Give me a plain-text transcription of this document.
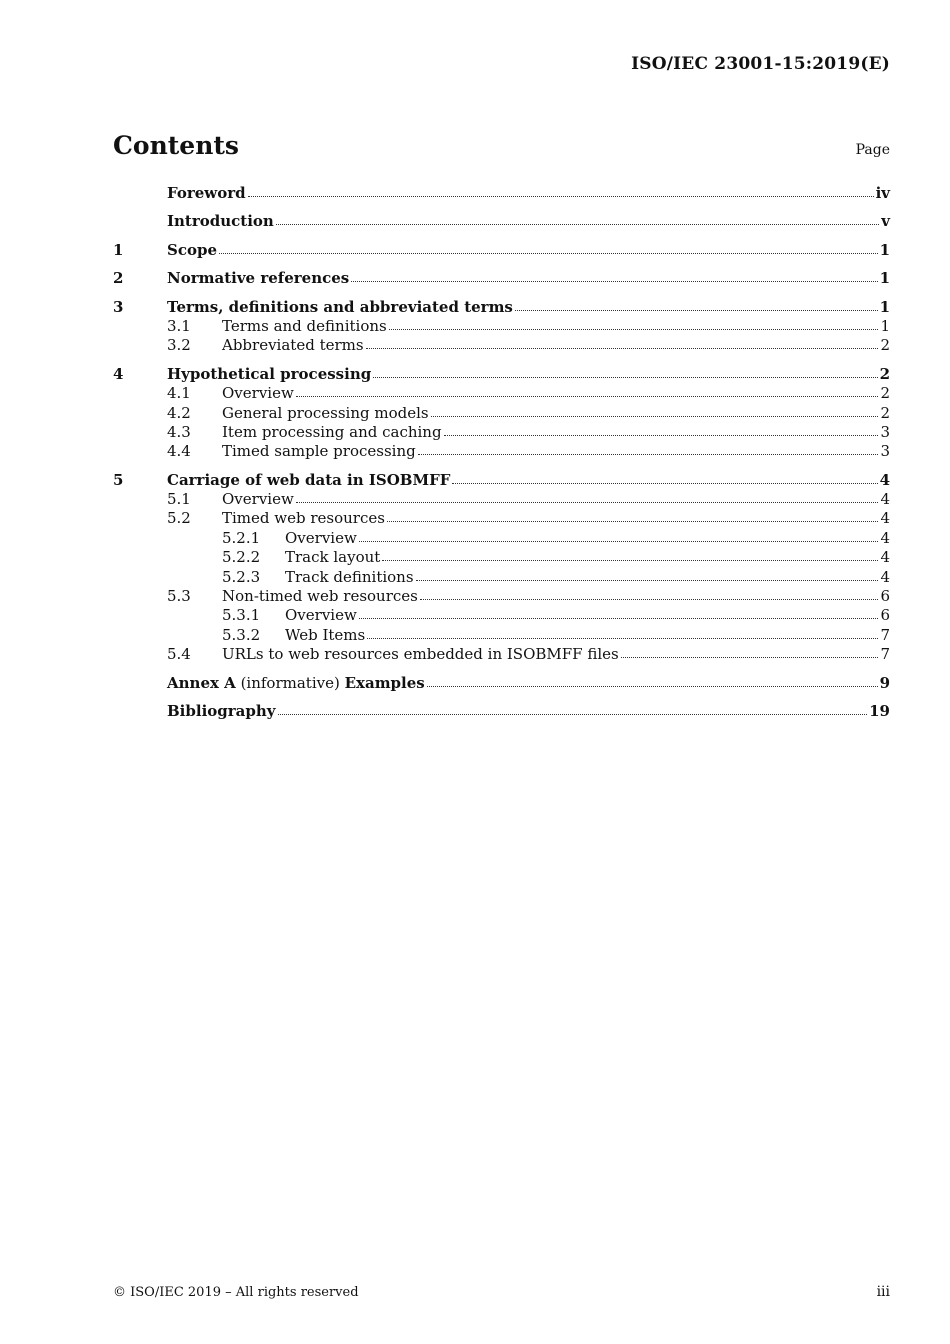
ISO/IEC 23001-15:2019(E)
Contents	Page
Foreword	iv
Introduction	v
1	Scope	1
2	Normative references	1
3	Terms, definitions and abbreviated terms	1
3.1	Terms and definitions	1
3.2	Abbreviated terms	2
4	Hypothetical processing	2
4.1	Overview	2
4.2	General processing models	2
4.3	Item processing and caching	3
4.4	Timed sample processing	3
5	Carriage of web data in ISOBMFF	4
5.1	Overview	4
5.2	Timed web resources	4
5.2.1	Overview	4
5.2.2	Track layout	4
5.2.3	Track definitions	4
5.3	Non-timed web resources	6
5.3.1	Overview	6
5.3.2	Web Items	7
5.4	URLs to web resources embedded in ISOBMFF files	7
Annex A (informative) Examples	9
Bibliography	19
© ISO/IEC 2019 – All rights reserved	iii
